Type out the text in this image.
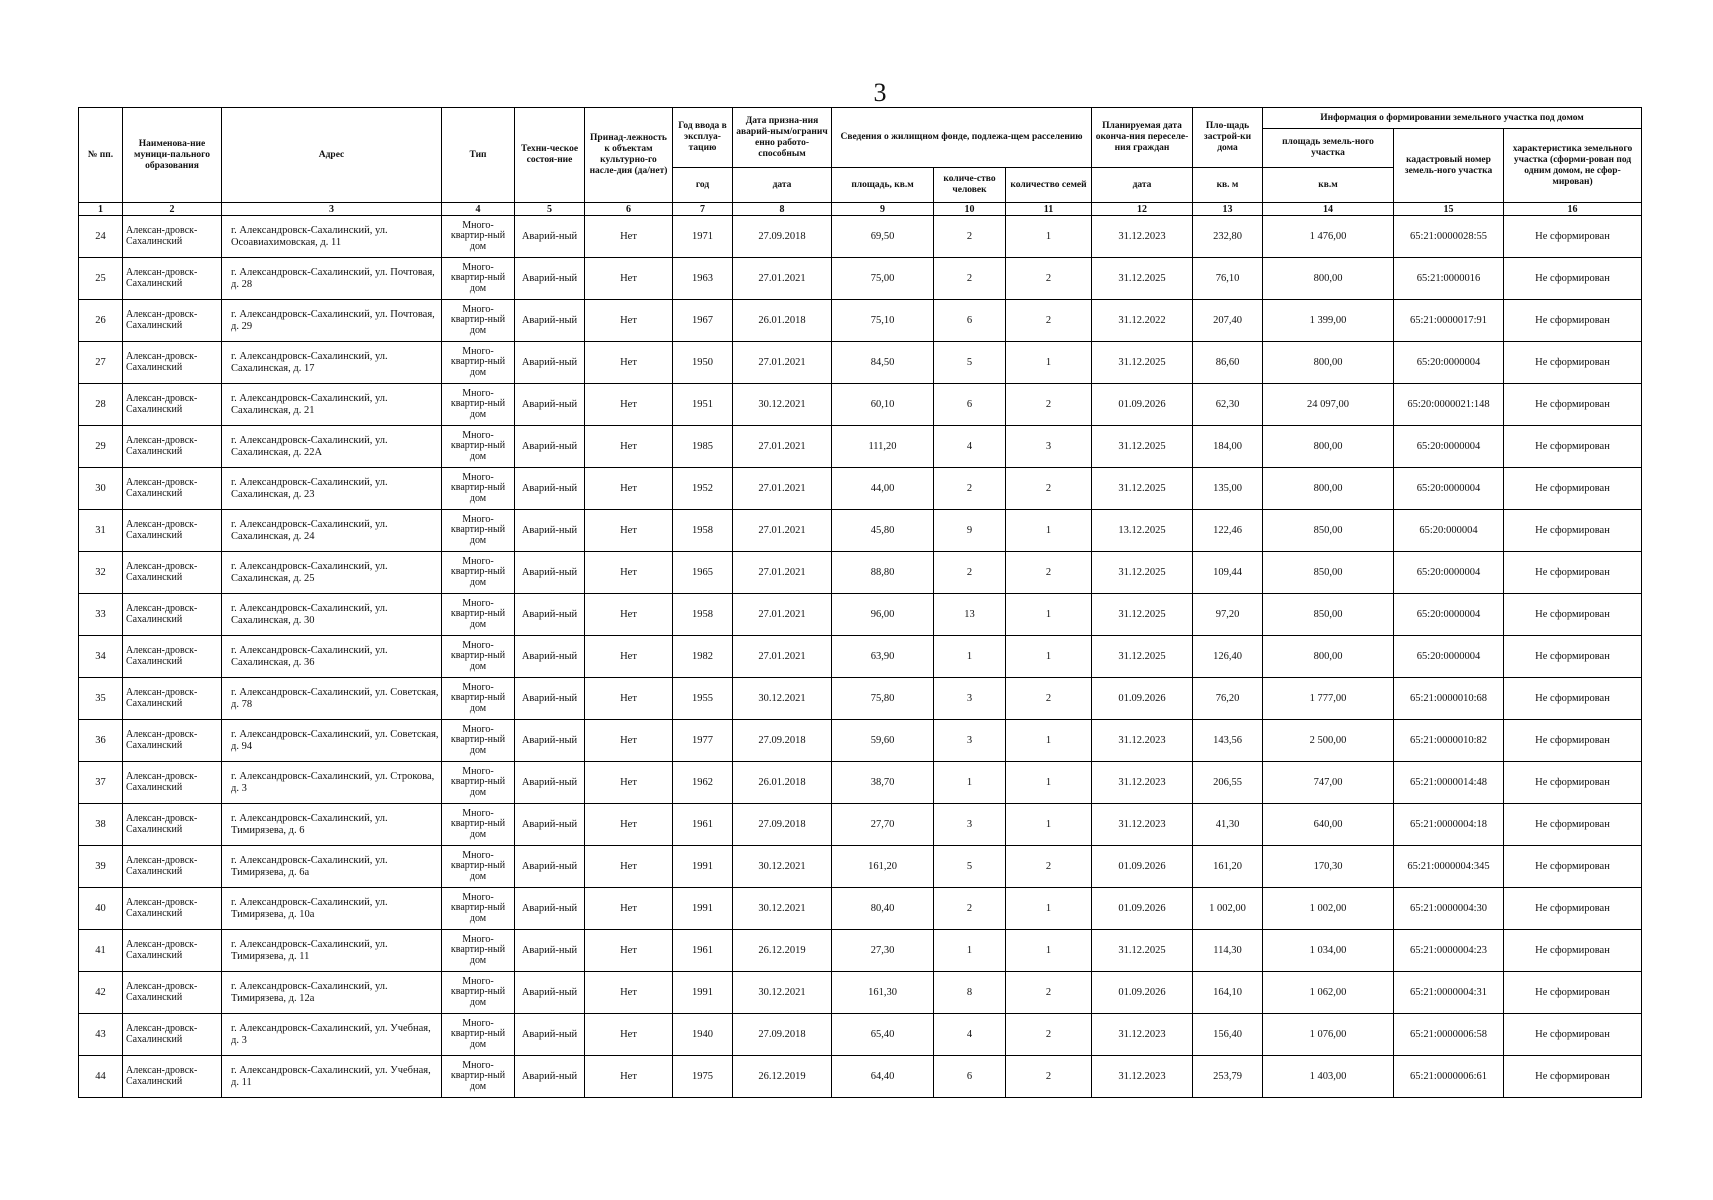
3
№ пп.	Наименова-ние муници-пального образования	Адрес	Тип	Техни-ческое состоя-ние	Принад-лежность к объектам культурно-го насле-дия (да/нет)	Год ввода в эксплуа-тацию	Дата призна-ния аварий-ным/огранич енно работо-способным	Сведения о жилищном фонде, подлежа-щем расселению			Планируемая дата оконча-ния переселе-ния граждан	Пло-щадь застрой-ки дома	Информация о формировании земельного участка под домом		
													площадь земель-ного участка	кадастровый номер земель-ного участка	характеристика земельного участка (сформи-рован под одним домом, не сфор-мирован)
						год	дата	площадь, кв.м	количе-ство человек	количество семей	дата	кв. м	кв.м		
1	2	3	4	5	6	7	8	9	10	11	12	13	14	15	16
24	Алексан-дровск-Сахалинский	г. Александровск-Сахалинский, ул. Осоавиахимовская, д. 11	Много-квартир-ный дом	Аварий-ный	Нет	1971	27.09.2018	69,50	2	1	31.12.2023	232,80	1 476,00	65:21:0000028:55	Не сформирован
25	Алексан-дровск-Сахалинский	г. Александровск-Сахалинский, ул. Почтовая, д. 28	Много-квартир-ный дом	Аварий-ный	Нет	1963	27.01.2021	75,00	2	2	31.12.2025	76,10	800,00	65:21:0000016	Не сформирован
26	Алексан-дровск-Сахалинский	г. Александровск-Сахалинский, ул. Почтовая, д. 29	Много-квартир-ный дом	Аварий-ный	Нет	1967	26.01.2018	75,10	6	2	31.12.2022	207,40	1 399,00	65:21:0000017:91	Не сформирован
27	Алексан-дровск-Сахалинский	г. Александровск-Сахалинский, ул. Сахалинская, д. 17	Много-квартир-ный дом	Аварий-ный	Нет	1950	27.01.2021	84,50	5	1	31.12.2025	86,60	800,00	65:20:0000004	Не сформирован
28	Алексан-дровск-Сахалинский	г. Александровск-Сахалинский, ул. Сахалинская, д. 21	Много-квартир-ный дом	Аварий-ный	Нет	1951	30.12.2021	60,10	6	2	01.09.2026	62,30	24 097,00	65:20:0000021:148	Не сформирован
29	Алексан-дровск-Сахалинский	г. Александровск-Сахалинский, ул. Сахалинская, д. 22А	Много-квартир-ный дом	Аварий-ный	Нет	1985	27.01.2021	111,20	4	3	31.12.2025	184,00	800,00	65:20:0000004	Не сформирован
30	Алексан-дровск-Сахалинский	г. Александровск-Сахалинский, ул. Сахалинская, д. 23	Много-квартир-ный дом	Аварий-ный	Нет	1952	27.01.2021	44,00	2	2	31.12.2025	135,00	800,00	65:20:0000004	Не сформирован
31	Алексан-дровск-Сахалинский	г. Александровск-Сахалинский, ул. Сахалинская, д. 24	Много-квартир-ный дом	Аварий-ный	Нет	1958	27.01.2021	45,80	9	1	13.12.2025	122,46	850,00	65:20:000004	Не сформирован
32	Алексан-дровск-Сахалинский	г. Александровск-Сахалинский, ул. Сахалинская, д. 25	Много-квартир-ный дом	Аварий-ный	Нет	1965	27.01.2021	88,80	2	2	31.12.2025	109,44	850,00	65:20:0000004	Не сформирован
33	Алексан-дровск-Сахалинский	г. Александровск-Сахалинский, ул. Сахалинская, д. 30	Много-квартир-ный дом	Аварий-ный	Нет	1958	27.01.2021	96,00	13	1	31.12.2025	97,20	850,00	65:20:0000004	Не сформирован
34	Алексан-дровск-Сахалинский	г. Александровск-Сахалинский, ул. Сахалинская, д. 36	Много-квартир-ный дом	Аварий-ный	Нет	1982	27.01.2021	63,90	1	1	31.12.2025	126,40	800,00	65:20:0000004	Не сформирован
35	Алексан-дровск-Сахалинский	г. Александровск-Сахалинский, ул. Советская, д. 78	Много-квартир-ный дом	Аварий-ный	Нет	1955	30.12.2021	75,80	3	2	01.09.2026	76,20	1 777,00	65:21:0000010:68	Не сформирован
36	Алексан-дровск-Сахалинский	г. Александровск-Сахалинский, ул. Советская, д. 94	Много-квартир-ный дом	Аварий-ный	Нет	1977	27.09.2018	59,60	3	1	31.12.2023	143,56	2 500,00	65:21:0000010:82	Не сформирован
37	Алексан-дровск-Сахалинский	г. Александровск-Сахалинский, ул. Строкова, д. 3	Много-квартир-ный дом	Аварий-ный	Нет	1962	26.01.2018	38,70	1	1	31.12.2023	206,55	747,00	65:21:0000014:48	Не сформирован
38	Алексан-дровск-Сахалинский	г. Александровск-Сахалинский, ул. Тимирязева, д. 6	Много-квартир-ный дом	Аварий-ный	Нет	1961	27.09.2018	27,70	3	1	31.12.2023	41,30	640,00	65:21:0000004:18	Не сформирован
39	Алексан-дровск-Сахалинский	г. Александровск-Сахалинский, ул. Тимирязева, д. 6а	Много-квартир-ный дом	Аварий-ный	Нет	1991	30.12.2021	161,20	5	2	01.09.2026	161,20	170,30	65:21:0000004:345	Не сформирован
40	Алексан-дровск-Сахалинский	г. Александровск-Сахалинский, ул. Тимирязева, д. 10а	Много-квартир-ный дом	Аварий-ный	Нет	1991	30.12.2021	80,40	2	1	01.09.2026	1 002,00	1 002,00	65:21:0000004:30	Не сформирован
41	Алексан-дровск-Сахалинский	г. Александровск-Сахалинский, ул. Тимирязева, д. 11	Много-квартир-ный дом	Аварий-ный	Нет	1961	26.12.2019	27,30	1	1	31.12.2025	114,30	1 034,00	65:21:0000004:23	Не сформирован
42	Алексан-дровск-Сахалинский	г. Александровск-Сахалинский, ул. Тимирязева, д. 12а	Много-квартир-ный дом	Аварий-ный	Нет	1991	30.12.2021	161,30	8	2	01.09.2026	164,10	1 062,00	65:21:0000004:31	Не сформирован
43	Алексан-дровск-Сахалинский	г. Александровск-Сахалинский, ул. Учебная, д. 3	Много-квартир-ный дом	Аварий-ный	Нет	1940	27.09.2018	65,40	4	2	31.12.2023	156,40	1 076,00	65:21:0000006:58	Не сформирован
44	Алексан-дровск-Сахалинский	г. Александровск-Сахалинский, ул. Учебная, д. 11	Много-квартир-ный дом	Аварий-ный	Нет	1975	26.12.2019	64,40	6	2	31.12.2023	253,79	1 403,00	65:21:0000006:61	Не сформирован
